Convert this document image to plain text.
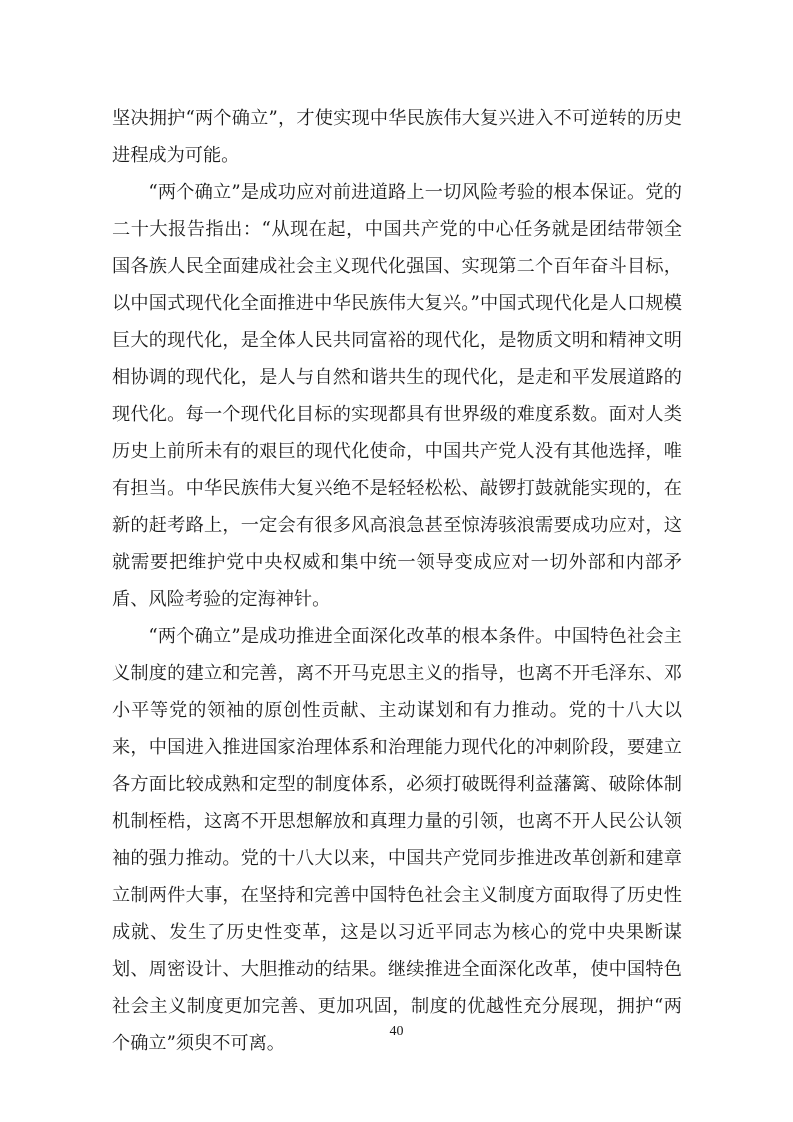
坚决拥护“两个确立”，才使实现中华民族伟大复兴进入不可逆转的历史进程成为可能。

“两个确立”是成功应对前进道路上一切风险考验的根本保证。党的二十大报告指出：“从现在起，中国共产党的中心任务就是团结带领全国各族人民全面建成社会主义现代化强国、实现第二个百年奋斗目标，以中国式现代化全面推进中华民族伟大复兴。”中国式现代化是人口规模巨大的现代化，是全体人民共同富裕的现代化，是物质文明和精神文明相协调的现代化，是人与自然和谐共生的现代化，是走和平发展道路的现代化。每一个现代化目标的实现都具有世界级的难度系数。面对人类历史上前所未有的艰巨的现代化使命，中国共产党人没有其他选择，唯有担当。中华民族伟大复兴绝不是轻轻松松、敲锣打鼓就能实现的，在新的赶考路上，一定会有很多风高浪急甚至惊涛骇浪需要成功应对，这就需要把维护党中央权威和集中统一领导变成应对一切外部和内部矛盾、风险考验的定海神针。

“两个确立”是成功推进全面深化改革的根本条件。中国特色社会主义制度的建立和完善，离不开马克思主义的指导，也离不开毛泽东、邓小平等党的领袖的原创性贡献、主动谋划和有力推动。党的十八大以来，中国进入推进国家治理体系和治理能力现代化的冲刺阶段，要建立各方面比较成熟和定型的制度体系，必须打破既得利益藩篱、破除体制机制桎梏，这离不开思想解放和真理力量的引领，也离不开人民公认领袖的强力推动。党的十八大以来，中国共产党同步推进改革创新和建章立制两件大事，在坚持和完善中国特色社会主义制度方面取得了历史性成就、发生了历史性变革，这是以习近平同志为核心的党中央果断谋划、周密设计、大胆推动的结果。继续推进全面深化改革，使中国特色社会主义制度更加完善、更加巩固，制度的优越性充分展现，拥护“两个确立”须臾不可离。

40
